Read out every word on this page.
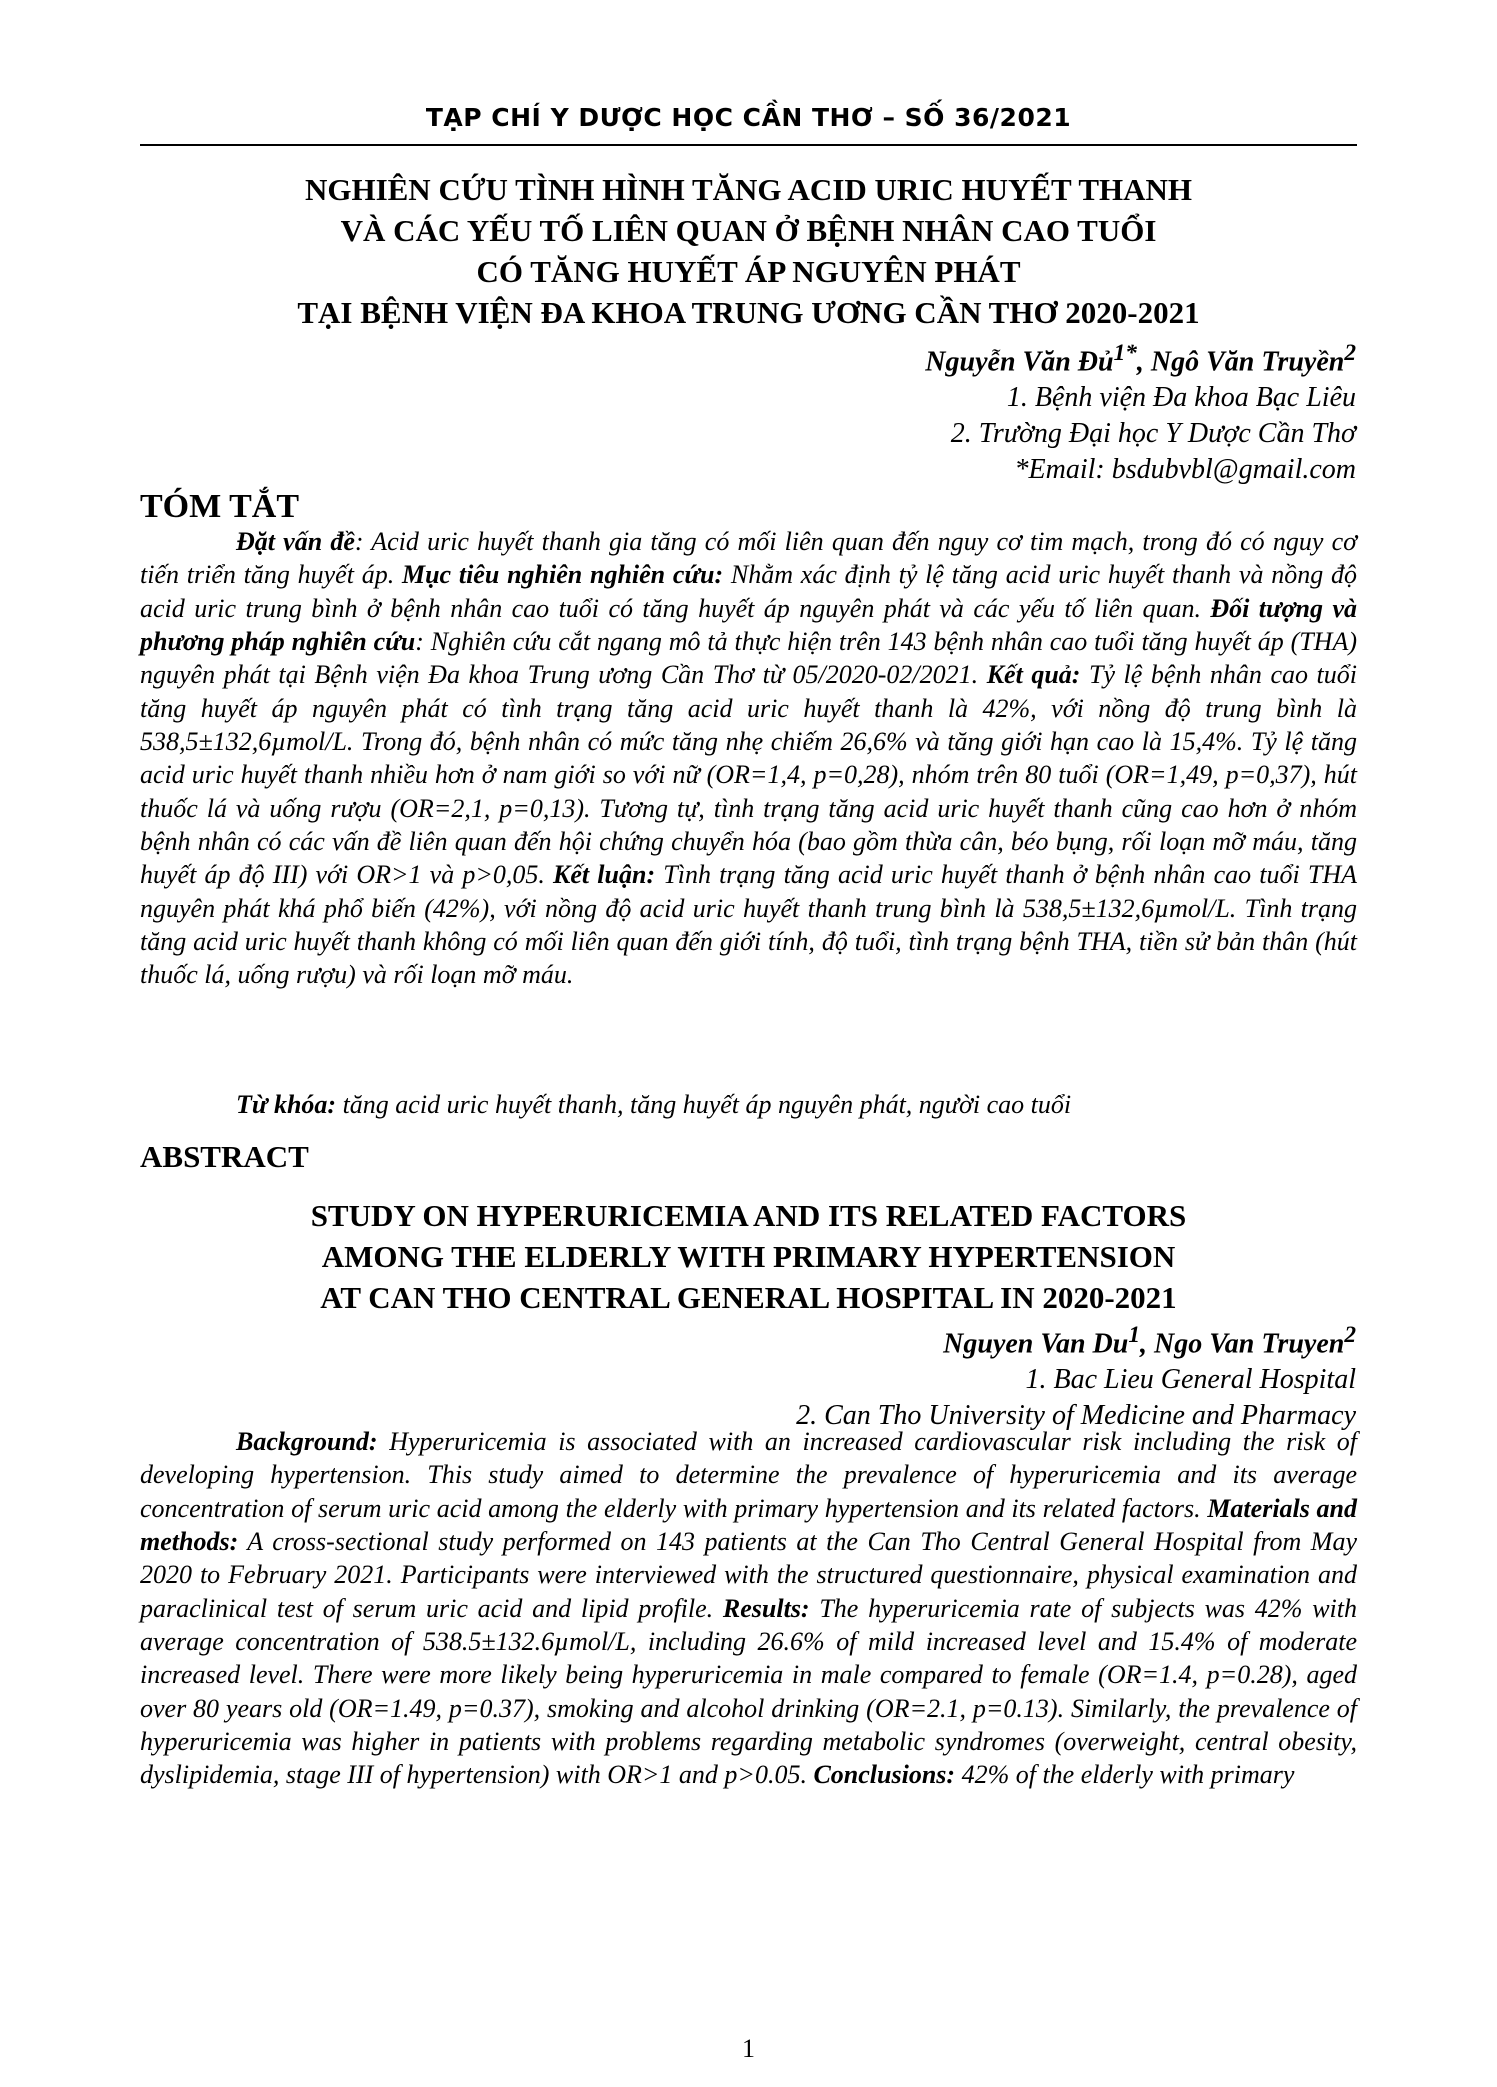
TẠP CHÍ Y DƯỢC HỌC CẦN THƠ – SỐ 36/2021
NGHIÊN CỨU TÌNH HÌNH TĂNG ACID URIC HUYẾT THANH
VÀ CÁC YẾU TỐ LIÊN QUAN Ở BỆNH NHÂN CAO TUỔI
CÓ TĂNG HUYẾT ÁP NGUYÊN PHÁT
TẠI BỆNH VIỆN ĐA KHOA TRUNG ƯƠNG CẦN THƠ 2020-2021
Nguyễn Văn Đủ$^{1*}$, Ngô Văn Truyền$^2$
1. Bệnh viện Đa khoa Bạc Liêu
2. Trường Đại học Y Dược Cần Thơ
*Email: bsdubvbl@gmail.com
TÓM TẮT

Đặt vấn đề: Acid uric huyết thanh gia tăng có mối liên quan đến nguy cơ tim mạch, trong đó có nguy cơ tiến triển tăng huyết áp. Mục tiêu nghiên nghiên cứu: Nhằm xác định tỷ lệ tăng acid uric huyết thanh và nồng độ acid uric trung bình ở bệnh nhân cao tuổi có tăng huyết áp nguyên phát và các yếu tố liên quan. Đối tượng và phương pháp nghiên cứu: Nghiên cứu cắt ngang mô tả thực hiện trên 143 bệnh nhân cao tuổi tăng huyết áp (THA) nguyên phát tại Bệnh viện Đa khoa Trung ương Cần Thơ từ 05/2020-02/2021. Kết quả: Tỷ lệ bệnh nhân cao tuổi tăng huyết áp nguyên phát có tình trạng tăng acid uric huyết thanh là 42%, với nồng độ trung bình là 538,5±132,6µmol/L. Trong đó, bệnh nhân có mức tăng nhẹ chiếm 26,6% và tăng giới hạn cao là 15,4%. Tỷ lệ tăng acid uric huyết thanh nhiều hơn ở nam giới so với nữ (OR=1,4, p=0,28), nhóm trên 80 tuổi (OR=1,49, p=0,37), hút thuốc lá và uống rượu (OR=2,1, p=0,13). Tương tự, tình trạng tăng acid uric huyết thanh cũng cao hơn ở nhóm bệnh nhân có các vấn đề liên quan đến hội chứng chuyển hóa (bao gồm thừa cân, béo bụng, rối loạn mỡ máu, tăng huyết áp độ III) với OR>1 và p>0,05. Kết luận: Tình trạng tăng acid uric huyết thanh ở bệnh nhân cao tuổi THA nguyên phát khá phổ biến (42%), với nồng độ acid uric huyết thanh trung bình là 538,5±132,6µmol/L. Tình trạng tăng acid uric huyết thanh không có mối liên quan đến giới tính, độ tuổi, tình trạng bệnh THA, tiền sử bản thân (hút thuốc lá, uống rượu) và rối loạn mỡ máu.

Từ khóa: tăng acid uric huyết thanh, tăng huyết áp nguyên phát, người cao tuổi

ABSTRACT
STUDY ON HYPERURICEMIA AND ITS RELATED FACTORS
AMONG THE ELDERLY WITH PRIMARY HYPERTENSION
AT CAN THO CENTRAL GENERAL HOSPITAL IN 2020-2021
Nguyen Van Du$^1$, Ngo Van Truyen$^2$
1. Bac Lieu General Hospital
2. Can Tho University of Medicine and Pharmacy

Background: Hyperuricemia is associated with an increased cardiovascular risk including the risk of developing hypertension. This study aimed to determine the prevalence of hyperuricemia and its average concentration of serum uric acid among the elderly with primary hypertension and its related factors. Materials and methods: A cross-sectional study performed on 143 patients at the Can Tho Central General Hospital from May 2020 to February 2021. Participants were interviewed with the structured questionnaire, physical examination and paraclinical test of serum uric acid and lipid profile. Results: The hyperuricemia rate of subjects was 42% with average concentration of 538.5±132.6µmol/L, including 26.6% of mild increased level and 15.4% of moderate increased level. There were more likely being hyperuricemia in male compared to female (OR=1.4, p=0.28), aged over 80 years old (OR=1.49, p=0.37), smoking and alcohol drinking (OR=2.1, p=0.13). Similarly, the prevalence of hyperuricemia was higher in patients with problems regarding metabolic syndromes (overweight, central obesity, dyslipidemia, stage III of hypertension) with OR>1 and p>0.05. Conclusions: 42% of the elderly with primary

1
